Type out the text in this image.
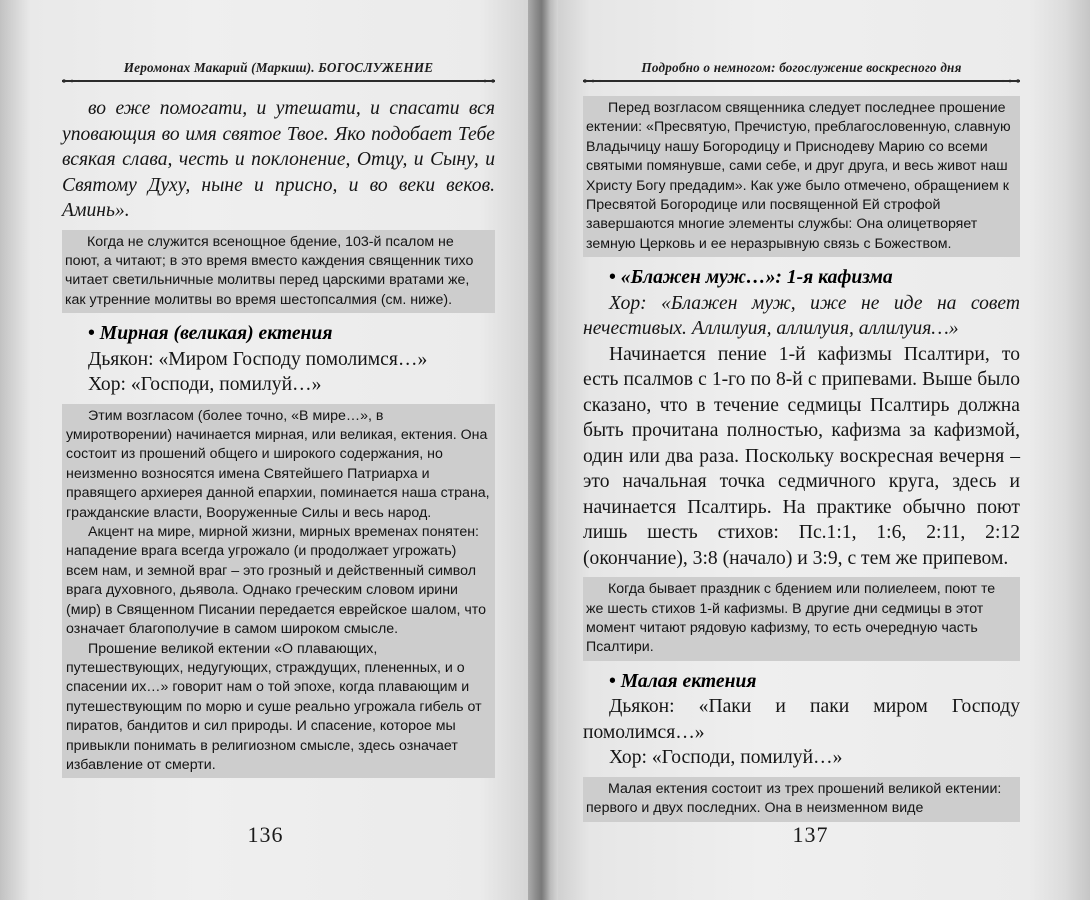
Иеромонах Макарий (Маркиш). БОГОСЛУЖЕНИЕ

во еже помогати, и утешати, и спасати вся уповающия во имя святое Твое. Яко подобает Тебе всякая слава, честь и поклонение, Отцу, и Сыну, и Святому Духу, ныне и присно, и во веки веков. Аминь».

Когда не служится всенощное бдение, 103-й псалом не поют, а читают; в это время вместо каждения священник тихо читает светильничные молитвы перед царскими вратами же, как утренние молитвы во время шестопсалмия (см. ниже).
• Мирная (великая) ектения

Дьякон: «Миром Господу помолимся…»

Хор: «Господи, помилуй…»

Этим возгласом (более точно, «В мире…», в умиротворении) начинается мирная, или великая, ектения. Она состоит из прошений общего и широкого содержания, но неизменно возносятся имена Святейшего Патриарха и правящего архиерея данной епархии, поминается наша страна, гражданские власти, Вооруженные Силы и весь народ.
Акцент на мире, мирной жизни, мирных временах понятен: нападение врага всегда угрожало (и продолжает угрожать) всем нам, и земной враг – это грозный и действенный символ врага духовного, дьявола. Однако греческим словом ирини (мир) в Священном Писании передается еврейское шалом, что означает благополучие в самом широком смысле.
Прошение великой ектении «О плавающих, путешествующих, недугующих, страждущих, плененных, и о спасении их…» говорит нам о той эпохе, когда плавающим и путешествующим по морю и суше реально угрожала гибель от пиратов, бандитов и сил природы. И спасение, которое мы привыкли понимать в религиозном смысле, здесь означает избавление от смерти.
136
Подробно о немногом: богослужение воскресного дня
Перед возгласом священника следует последнее прошение ектении: «Пресвятую, Пречистую, преблагословенную, славную Владычицу нашу Богородицу и Приснодеву Марию со всеми святыми помянувше, сами себе, и друг друга, и весь живот наш Христу Богу предадим». Как уже было отмечено, обращением к Пресвятой Богородице или посвященной Ей строфой завершаются многие элементы службы: Она олицетворяет земную Церковь и ее неразрывную связь с Божеством.
• «Блажен муж…»: 1-я кафизма

Хор: «Блажен муж, иже не иде на совет нечестивых. Аллилуия, аллилуия, аллилуия…»

Начинается пение 1-й кафизмы Псалтири, то есть псалмов с 1-го по 8-й с припевами. Выше было сказано, что в течение седмицы Псалтирь должна быть прочитана полностью, кафизма за кафизмой, один или два раза. Поскольку воскресная вечерня – это начальная точка седмичного круга, здесь и начинается Псалтирь. На практике обычно поют лишь шесть стихов: Пс.1:1, 1:6, 2:11, 2:12 (окончание), 3:8 (начало) и 3:9, с тем же припевом.

Когда бывает праздник с бдением или полиелеем, поют те же шесть стихов 1-й кафизмы. В другие дни седмицы в этот момент читают рядовую кафизму, то есть очередную часть Псалтири.
• Малая ектения

Дьякон: «Паки и паки миром Господу помолимся…»

Хор: «Господи, помилуй…»

Малая ектения состоит из трех прошений великой ектении: первого и двух последних. Она в неизменном виде
137
